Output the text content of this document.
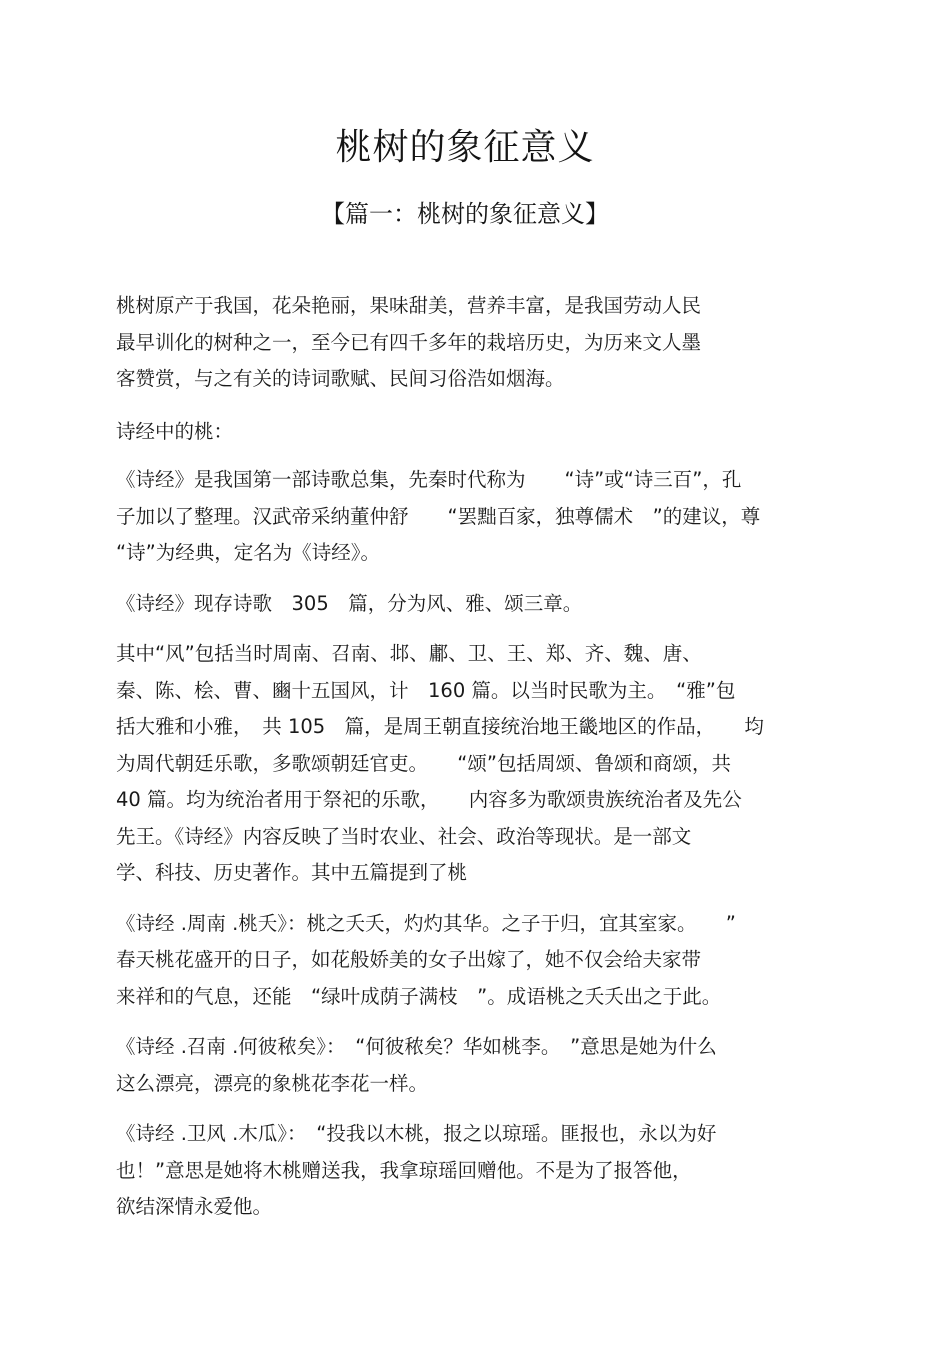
桃树的象征意义
【篇一：桃树的象征意义】

桃树原产于我国，花朵艳丽，果味甜美，营养丰富，是我国劳动人民
最早训化的树种之一，至今已有四千多年的栽培历史，为历来文人墨
客赞赏，与之有关的诗词歌赋、民间习俗浩如烟海。

诗经中的桃：

《诗经》是我国第一部诗歌总集，先秦时代称为　　“诗”或“诗三百”，孔
子加以了整理。汉武帝采纳董仲舒　　“罢黜百家，独尊儒术　”的建议，尊
“诗”为经典，定名为《诗经》。

《诗经》现存诗歌　305　篇，分为风、雅、颂三章。

其中“风”包括当时周南、召南、邶、鄘、卫、王、郑、齐、魏、唐、
秦、陈、桧、曹、豳十五国风，计　160 篇。以当时民歌为主。　“雅”包
括大雅和小雅，　共 105　篇，是周王朝直接统治地王畿地区的作品，　　均
为周代朝廷乐歌，多歌颂朝廷官吏。　　“颂”包括周颂、鲁颂和商颂，共
40 篇。均为统治者用于祭祀的乐歌，　　内容多为歌颂贵族统治者及先公
先王。《诗经》内容反映了当时农业、社会、政治等现状。是一部文
学、科技、历史著作。其中五篇提到了桃

《诗经 .周南 .桃夭》：桃之夭夭，灼灼其华。之子于归，宜其室家。　　”
春天桃花盛开的日子，如花般娇美的女子出嫁了，她不仅会给夫家带
来祥和的气息，还能　“绿叶成荫子满枝　”。成语桃之夭夭出之于此。

《诗经 .召南 .何彼秾矣》：　“何彼秾矣？华如桃李。　”意思是她为什么
这么漂亮，漂亮的象桃花李花一样。

《诗经 .卫风 .木瓜》：　“投我以木桃，报之以琼瑶。匪报也，永以为好
也！”意思是她将木桃赠送我，我拿琼瑶回赠他。不是为了报答他，
欲结深情永爱他。
